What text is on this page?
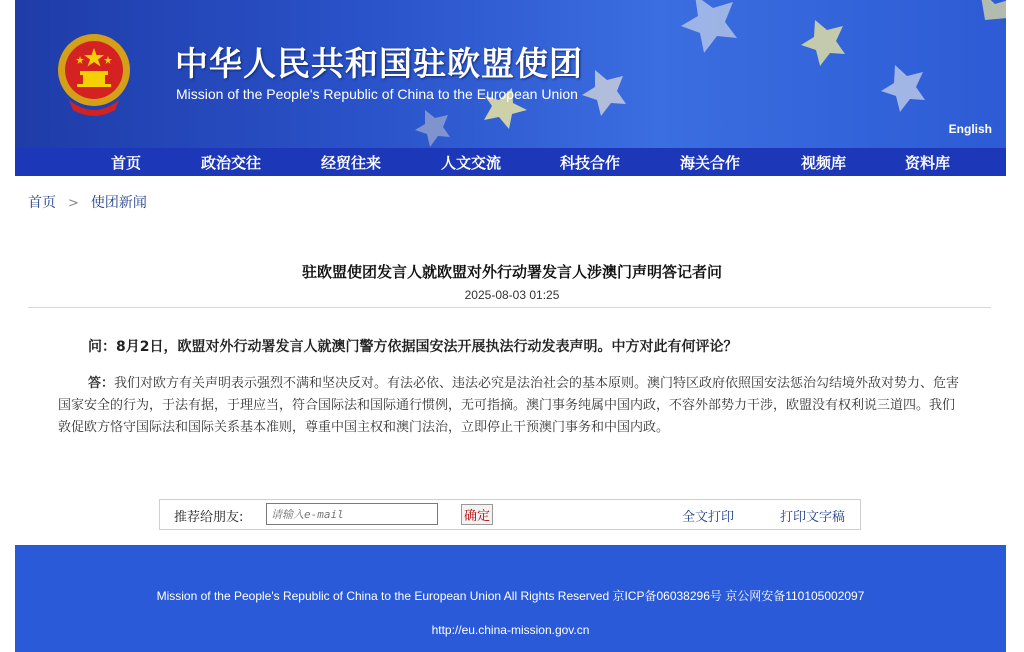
中华人民共和国驻欧盟使团
Mission of the People's Republic of China to the European Union
English
首页	政治交往	经贸往来	人文交流	科技合作	海关合作	视频库	资料库
首页 > 使团新闻
驻欧盟使团发言人就欧盟对外行动署发言人涉澳门声明答记者问
2025-08-03 01:25
问：8月2日，欧盟对外行动署发言人就澳门警方依据国安法开展执法行动发表声明。中方对此有何评论？
答：我们对欧方有关声明表示强烈不满和坚决反对。有法必依、违法必究是法治社会的基本原则。澳门特区政府依照国安法惩治勾结境外敌对势力、危害国家安全的行为，于法有据，于理应当，符合国际法和国际通行惯例，无可指摘。澳门事务纯属中国内政，不容外部势力干涉，欧盟没有权利说三道四。我们敦促欧方恪守国际法和国际关系基本准则，尊重中国主权和澳门法治，立即停止干预澳门事务和中国内政。
推荐给朋友:
请输入e-mail	确定	全文打印	打印文字稿
Mission of the People's Republic of China to the European Union All Rights Reserved 京ICP备06038296号 京公网安备110105002097
http://eu.china-mission.gov.cn
